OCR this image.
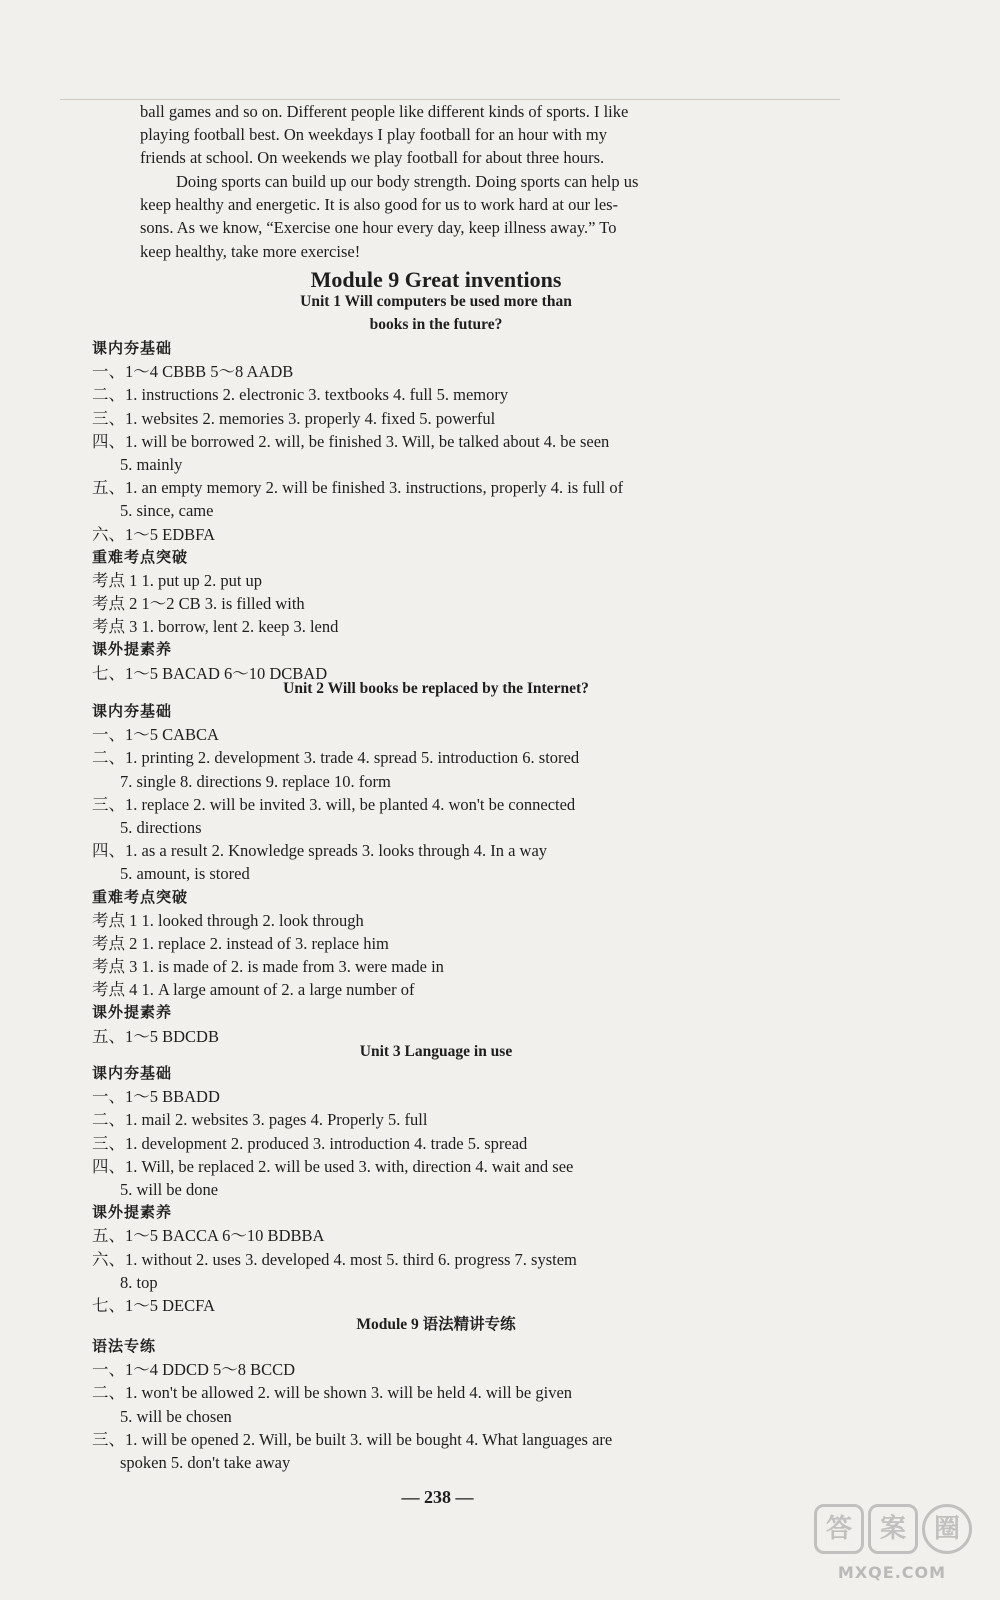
ball games and so on. Different people like different kinds of sports. I like
playing football best. On weekdays I play football for an hour with my
friends at school. On weekends we play football for about three hours.

Doing sports can build up our body strength. Doing sports can help us
keep healthy and energetic. It is also good for us to work hard at our les-
sons. As we know, “Exercise one hour every day, keep illness away.” To
keep healthy, take more exercise!

Module 9 Great inventions
Unit 1 Will computers be used more than
books in the future?
课内夯基础
一、1～4 CBBB 5～8 AADB
二、1. instructions 2. electronic 3. textbooks 4. full 5. memory
三、1. websites 2. memories 3. properly 4. fixed 5. powerful
四、1. will be borrowed 2. will, be finished 3. Will, be talked about 4. be seen
5. mainly
五、1. an empty memory 2. will be finished 3. instructions, properly 4. is full of
5. since, came
六、1～5 EDBFA
重难考点突破
考点 1 1. put up 2. put up
考点 2 1～2 CB 3. is filled with
考点 3 1. borrow, lent 2. keep 3. lend
课外提素养
七、1～5 BACAD 6～10 DCBAD
Unit 2 Will books be replaced by the Internet?
课内夯基础
一、1～5 CABCA
二、1. printing 2. development 3. trade 4. spread 5. introduction 6. stored
7. single 8. directions 9. replace 10. form
三、1. replace 2. will be invited 3. will, be planted 4. won't be connected
5. directions
四、1. as a result 2. Knowledge spreads 3. looks through 4. In a way
5. amount, is stored
重难考点突破
考点 1 1. looked through 2. look through
考点 2 1. replace 2. instead of 3. replace him
考点 3 1. is made of 2. is made from 3. were made in
考点 4 1. A large amount of 2. a large number of
课外提素养
五、1～5 BDCDB
Unit 3 Language in use
课内夯基础
一、1～5 BBADD
二、1. mail 2. websites 3. pages 4. Properly 5. full
三、1. development 2. produced 3. introduction 4. trade 5. spread
四、1. Will, be replaced 2. will be used 3. with, direction 4. wait and see
5. will be done
课外提素养
五、1～5 BACCA 6～10 BDBBA
六、1. without 2. uses 3. developed 4. most 5. third 6. progress 7. system
8. top
七、1～5 DECFA
Module 9 语法精讲专练
语法专练
一、1～4 DDCD 5～8 BCCD
二、1. won't be allowed 2. will be shown 3. will be held 4. will be given
5. will be chosen
三、1. will be opened 2. Will, be built 3. will be bought 4. What languages are
spoken 5. don't take away
— 238 —
答	案	圈
MXQE.COM
